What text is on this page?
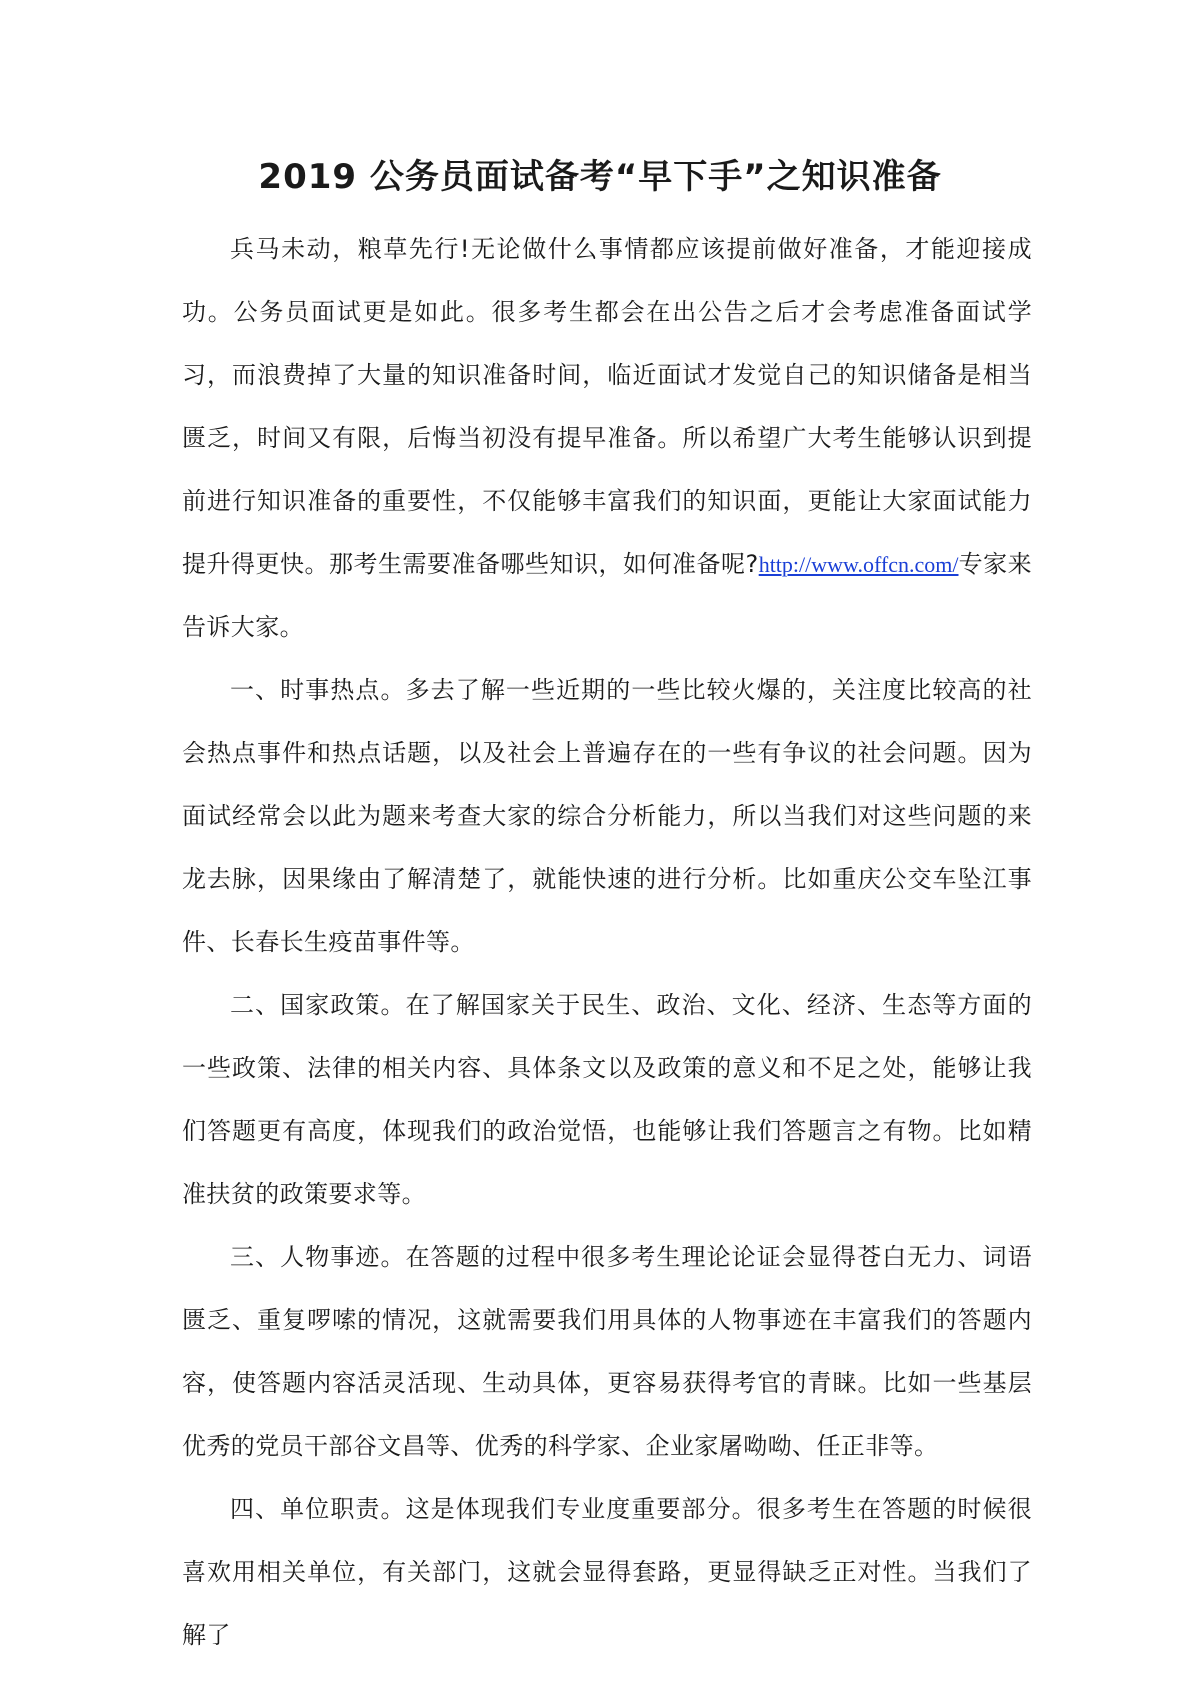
2019 公务员面试备考“早下手”之知识准备

兵马未动，粮草先行!无论做什么事情都应该提前做好准备，才能迎接成功。公务员面试更是如此。很多考生都会在出公告之后才会考虑准备面试学习，而浪费掉了大量的知识准备时间，临近面试才发觉自己的知识储备是相当匮乏，时间又有限，后悔当初没有提早准备。所以希望广大考生能够认识到提前进行知识准备的重要性，不仅能够丰富我们的知识面，更能让大家面试能力提升得更快。那考生需要准备哪些知识，如何准备呢?http://www.offcn.com/专家来告诉大家。

一、时事热点。多去了解一些近期的一些比较火爆的，关注度比较高的社会热点事件和热点话题，以及社会上普遍存在的一些有争议的社会问题。因为面试经常会以此为题来考查大家的综合分析能力，所以当我们对这些问题的来龙去脉，因果缘由了解清楚了，就能快速的进行分析。比如重庆公交车坠江事件、长春长生疫苗事件等。

二、国家政策。在了解国家关于民生、政治、文化、经济、生态等方面的一些政策、法律的相关内容、具体条文以及政策的意义和不足之处，能够让我们答题更有高度，体现我们的政治觉悟，也能够让我们答题言之有物。比如精准扶贫的政策要求等。

三、人物事迹。在答题的过程中很多考生理论论证会显得苍白无力、词语匮乏、重复啰嗦的情况，这就需要我们用具体的人物事迹在丰富我们的答题内容，使答题内容活灵活现、生动具体，更容易获得考官的青睐。比如一些基层优秀的党员干部谷文昌等、优秀的科学家、企业家屠呦呦、任正非等。

四、单位职责。这是体现我们专业度重要部分。很多考生在答题的时候很喜欢用相关单位，有关部门，这就会显得套路，更显得缺乏正对性。当我们了解了
